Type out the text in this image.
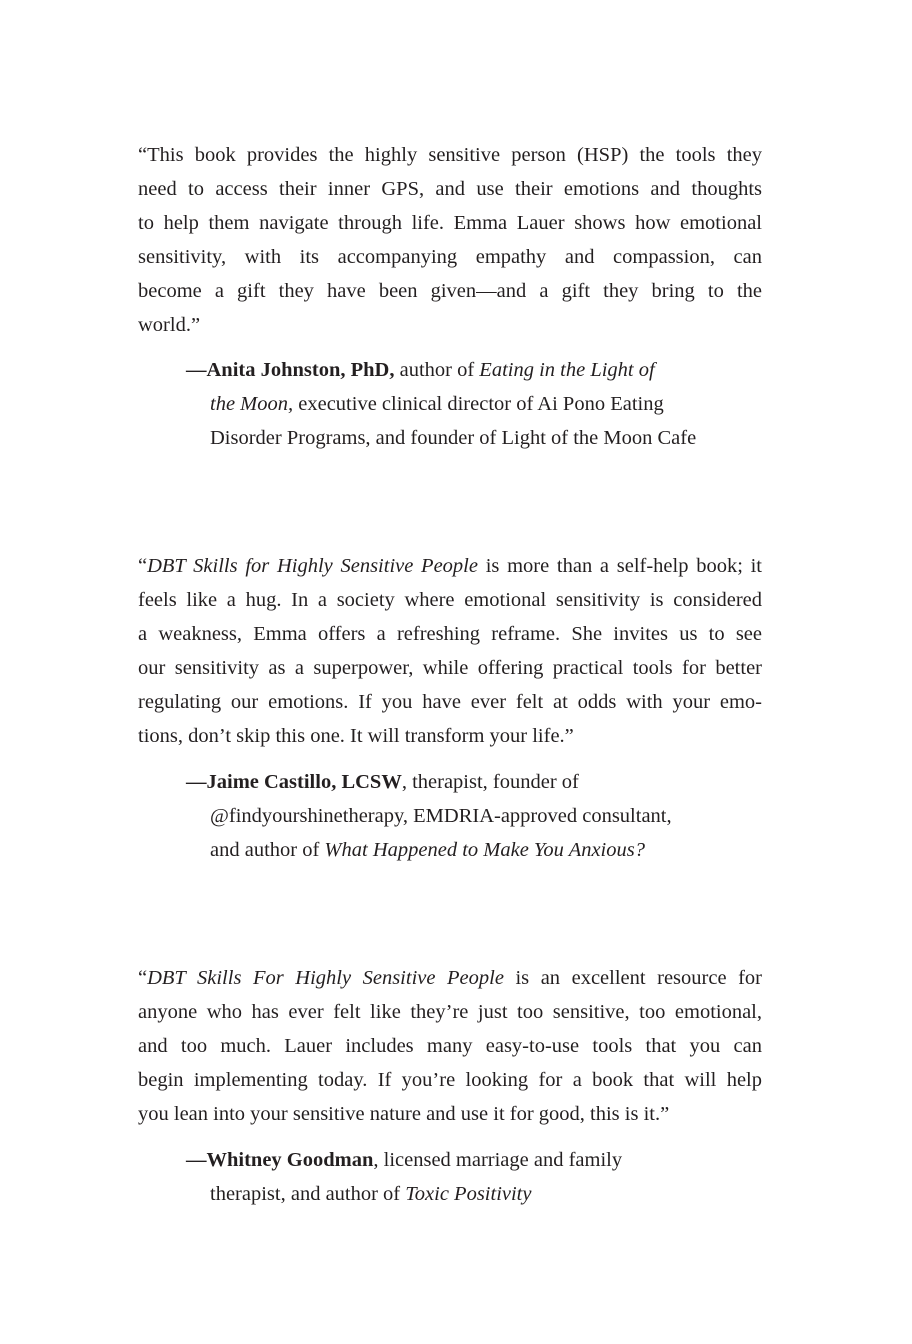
“This book provides the highly sensitive person (HSP) the tools they
need to access their inner GPS, and use their emotions and thoughts
to help them navigate through life. Emma Lauer shows how emotional
sensitivity, with its accompanying empathy and compassion, can
become a gift they have been given—and a gift they bring to the
world.”
—Anita Johnston, PhD, author of Eating in the Light of
the Moon, executive clinical director of Ai Pono Eating
Disorder Programs, and founder of Light of the Moon Cafe
“DBT Skills for Highly Sensitive People is more than a self-help book; it
feels like a hug. In a society where emotional sensitivity is considered
a weakness, Emma offers a refreshing reframe. She invites us to see
our sensitivity as a superpower, while offering practical tools for better
regulating our emotions. If you have ever felt at odds with your emo-
tions, don’t skip this one. It will transform your life.”
—Jaime Castillo, LCSW, therapist, founder of
@findyourshinetherapy, EMDRIA-approved consultant,
and author of What Happened to Make You Anxious?
“DBT Skills For Highly Sensitive People is an excellent resource for
anyone who has ever felt like they’re just too sensitive, too emotional,
and too much. Lauer includes many easy-to-use tools that you can
begin implementing today. If you’re looking for a book that will help
you lean into your sensitive nature and use it for good, this is it.”
—Whitney Goodman, licensed marriage and family
therapist, and author of Toxic Positivity
